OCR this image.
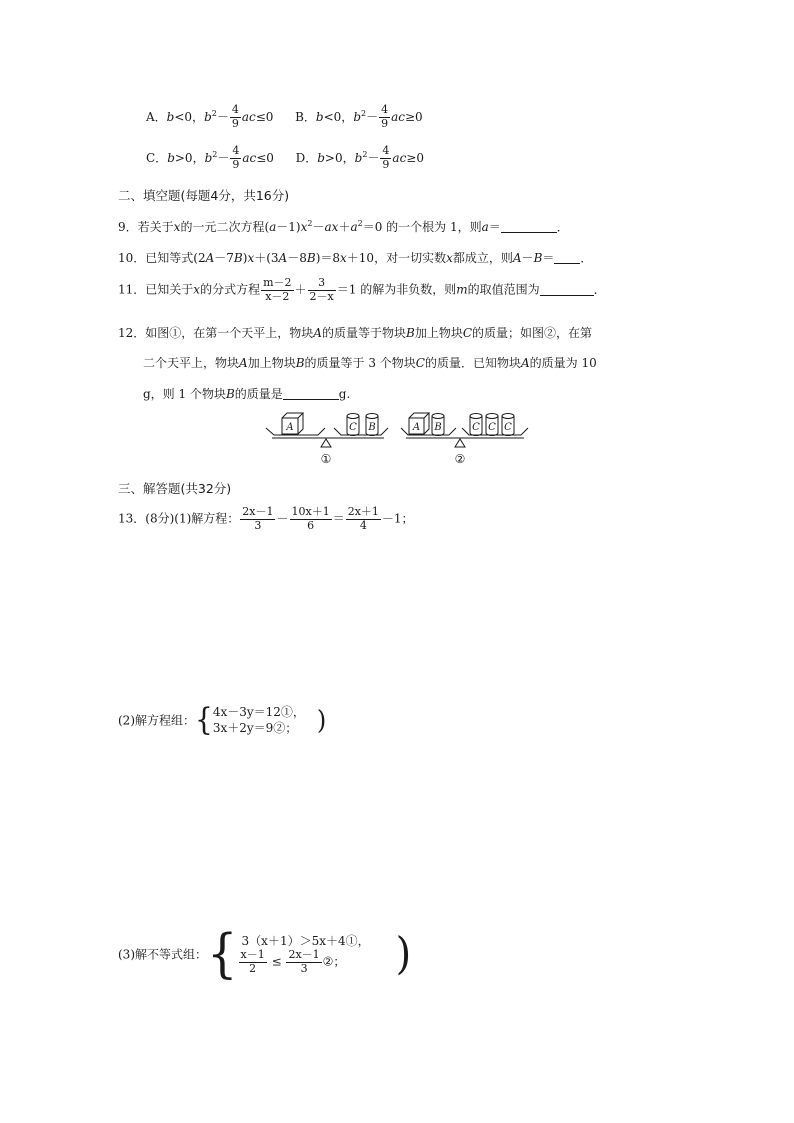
A．b<0，$b^2- \frac{4}{9} ac\le 0$ B．b<0，$b^2- \frac{4}{9} ac\ge 0$
C．b>0，$b^2- \frac{4}{9} ac\le 0$ D．b>0，$b^2- \frac{4}{9} ac\ge 0$
二、填空题(每题4分，共16分)
9．若关于x的一元二次方程$(a-1)x^2-ax+a^2=0$ 的一个根为 1，则a＝	．
10．已知等式(2A－7B)x＋(3A－8B)＝8x＋10，对一切实数x都成立，则A－B＝ ．
11．已知关于x的分式方程 $\frac{m-2}{x-2} + \frac{3}{2-x} =1$ 的解为非负数，则m的取值范围为	．
12．如图①，在第一个天平上，物块A的质量等于物块B加上物块C的质量；如图②，在第
二个天平上，物块A加上物块B的质量等于 3 个物块C的质量．已知物块A的质量为 10
g，则 1 个物块B的质量是	g.
A	C B	A B	C C C
①	②
三、解答题(共32分)
13．(8分)(1)解方程： $\frac{2x-1}{3} - \frac{10x+1}{6} = \frac{2x+1}{4} -1$；
(2)解方程组：{ 4x－3y＝12①，
3x＋2y＝9②； )
(3)解不等式组：{ 3（x＋1）＞5x＋4①，
$\frac{x-1}{2} \le \frac{2x-1}{3}$ ②；	)
